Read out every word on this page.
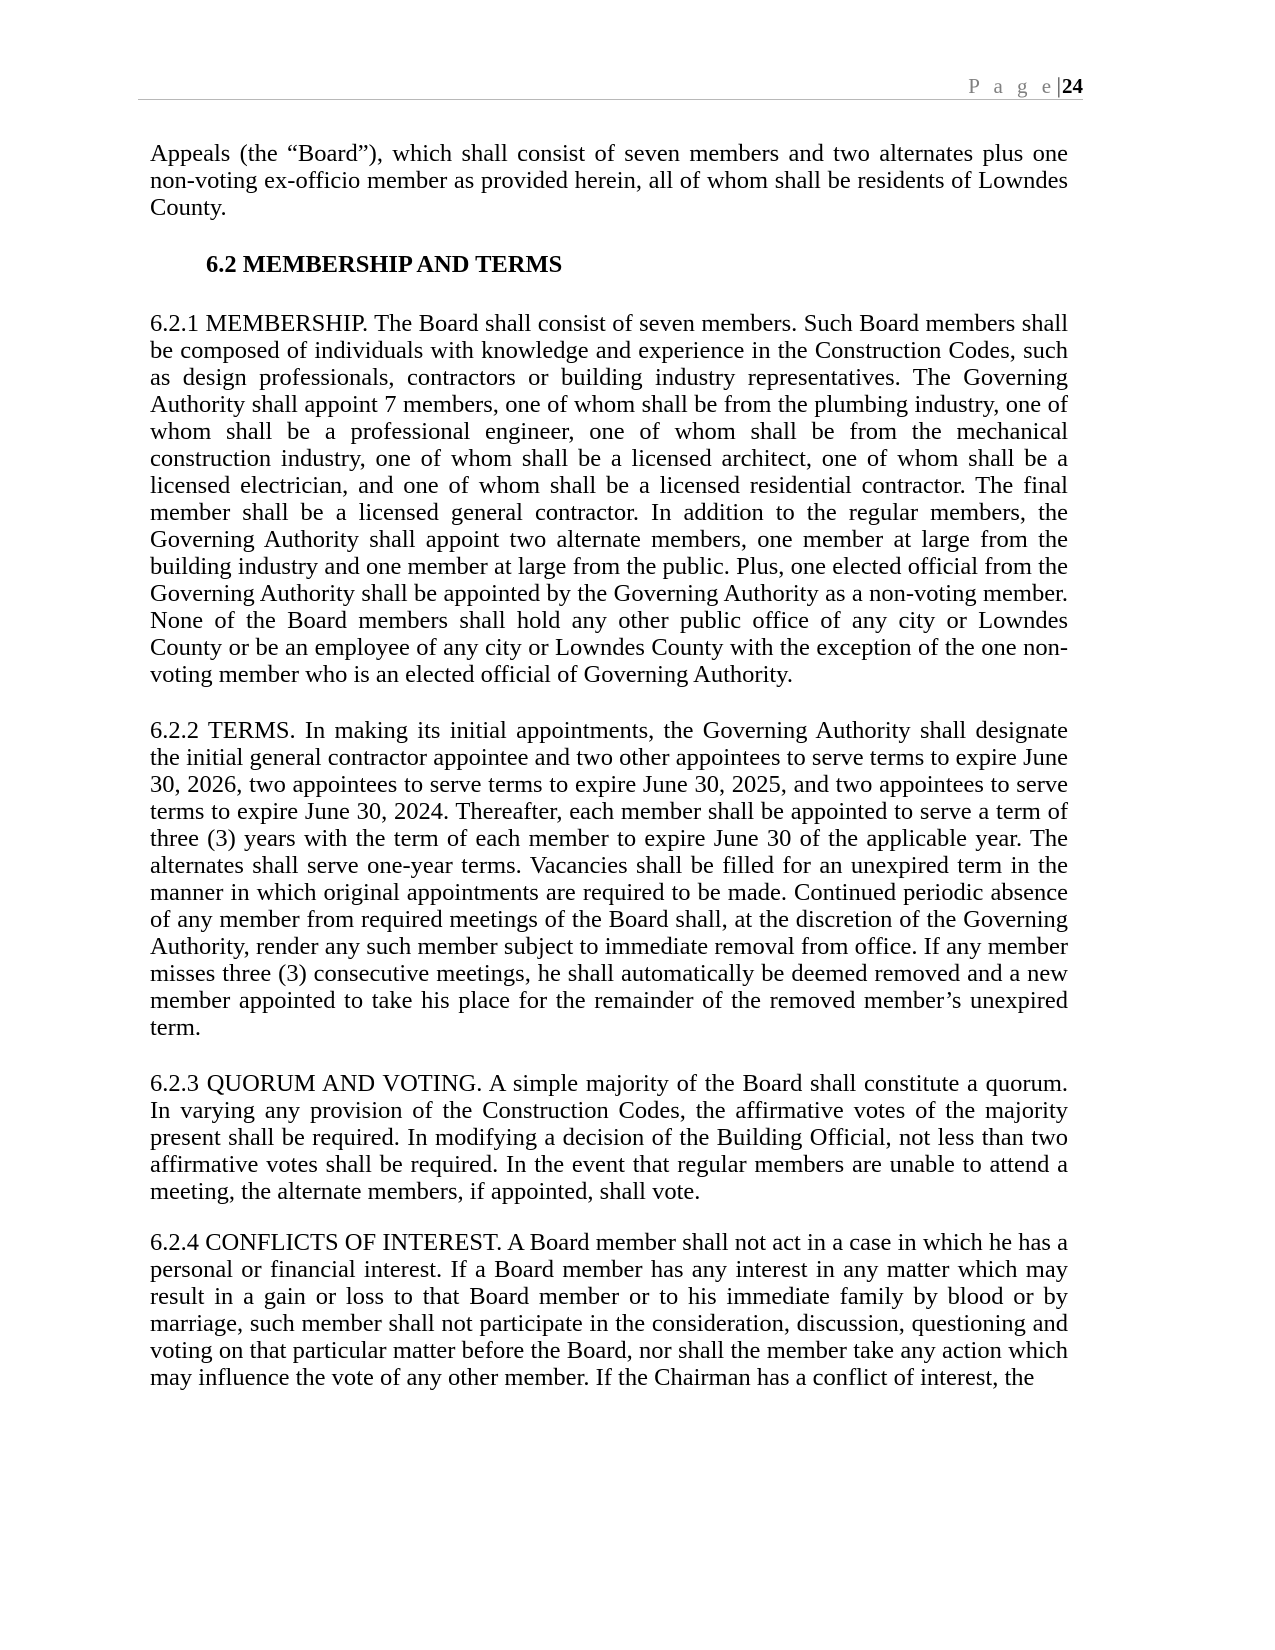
P a g e|24

Appeals (the “Board”), which shall consist of seven members and two alternates plus one non-voting ex-officio member as provided herein, all of whom shall be residents of Lowndes County.

6.2 MEMBERSHIP AND TERMS

6.2.1 MEMBERSHIP. The Board shall consist of seven members. Such Board members shall be composed of individuals with knowledge and experience in the Construction Codes, such as design professionals, contractors or building industry representatives. The Governing Authority shall appoint 7 members, one of whom shall be from the plumbing industry, one of whom shall be a professional engineer, one of whom shall be from the mechanical construction industry, one of whom shall be a licensed architect, one of whom shall be a licensed electrician, and one of whom shall be a licensed residential contractor. The final member shall be a licensed general contractor. In addition to the regular members, the Governing Authority shall appoint two alternate members, one member at large from the building industry and one member at large from the public. Plus, one elected official from the Governing Authority shall be appointed by the Governing Authority as a non-voting member. None of the Board members shall hold any other public office of any city or Lowndes County or be an employee of any city or Lowndes County with the exception of the one non-voting member who is an elected official of Governing Authority.

6.2.2 TERMS. In making its initial appointments, the Governing Authority shall designate the initial general contractor appointee and two other appointees to serve terms to expire June 30, 2026, two appointees to serve terms to expire June 30, 2025, and two appointees to serve terms to expire June 30, 2024. Thereafter, each member shall be appointed to serve a term of three (3) years with the term of each member to expire June 30 of the applicable year. The alternates shall serve one-year terms. Vacancies shall be filled for an unexpired term in the manner in which original appointments are required to be made. Continued periodic absence of any member from required meetings of the Board shall, at the discretion of the Governing Authority, render any such member subject to immediate removal from office. If any member misses three (3) consecutive meetings, he shall automatically be deemed removed and a new member appointed to take his place for the remainder of the removed member’s unexpired term.

6.2.3 QUORUM AND VOTING. A simple majority of the Board shall constitute a quorum. In varying any provision of the Construction Codes, the affirmative votes of the majority present shall be required. In modifying a decision of the Building Official, not less than two affirmative votes shall be required. In the event that regular members are unable to attend a meeting, the alternate members, if appointed, shall vote.

6.2.4 CONFLICTS OF INTEREST. A Board member shall not act in a case in which he has a personal or financial interest. If a Board member has any interest in any matter which may result in a gain or loss to that Board member or to his immediate family by blood or by marriage, such member shall not participate in the consideration, discussion, questioning and voting on that particular matter before the Board, nor shall the member take any action which may influence the vote of any other member. If the Chairman has a conflict of interest, the
